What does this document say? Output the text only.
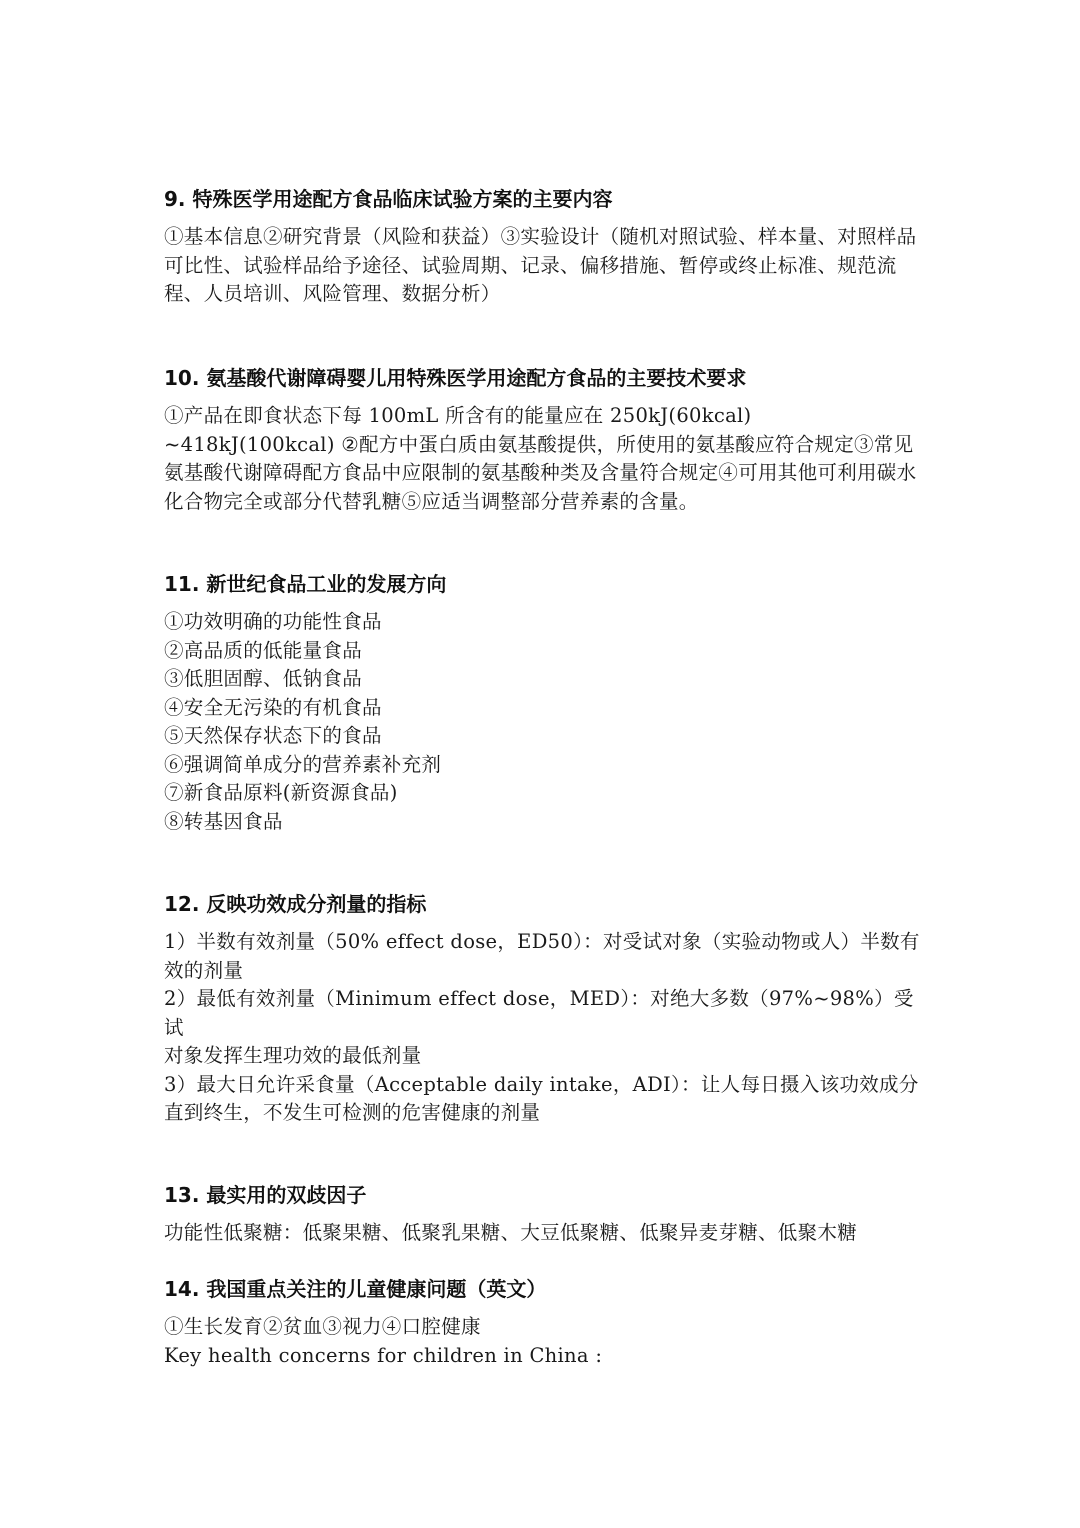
9. 特殊医学用途配方食品临床试验方案的主要内容

①基本信息②研究背景（风险和获益）③实验设计（随机对照试验、样本量、对照样品可比性、试验样品给予途径、试验周期、记录、偏移措施、暂停或终止标准、规范流程、人员培训、风险管理、数据分析）

10. 氨基酸代谢障碍婴儿用特殊医学用途配方食品的主要技术要求

①产品在即食状态下每 100mL 所含有的能量应在 250kJ(60kcal) ~418kJ(100kcal) ②配方中蛋白质由氨基酸提供，所使用的氨基酸应符合规定③常见氨基酸代谢障碍配方食品中应限制的氨基酸种类及含量符合规定④可用其他可利用碳水化合物完全或部分代替乳糖⑤应适当调整部分营养素的含量。

11. 新世纪食品工业的发展方向
①功效明确的功能性食品
②高品质的低能量食品
③低胆固醇、低钠食品
④安全无污染的有机食品
⑤天然保存状态下的食品
⑥强调简单成分的营养素补充剂
⑦新食品原料(新资源食品)
⑧转基因食品
12. 反映功效成分剂量的指标
1）半数有效剂量（50% effect dose，ED50）：对受试对象（实验动物或人）半数有效的剂量
2）最低有效剂量（Minimum effect dose，MED）：对绝大多数（97%~98%）受试
对象发挥生理功效的最低剂量
3）最大日允许采食量（Acceptable daily intake，ADI）：让人每日摄入该功效成分直到终生，不发生可检测的危害健康的剂量
13. 最实用的双歧因子

功能性低聚糖：低聚果糖、低聚乳果糖、大豆低聚糖、低聚异麦芽糖、低聚木糖

14. 我国重点关注的儿童健康问题（英文）
①生长发育②贫血③视力④口腔健康
Key health concerns for children in China :
